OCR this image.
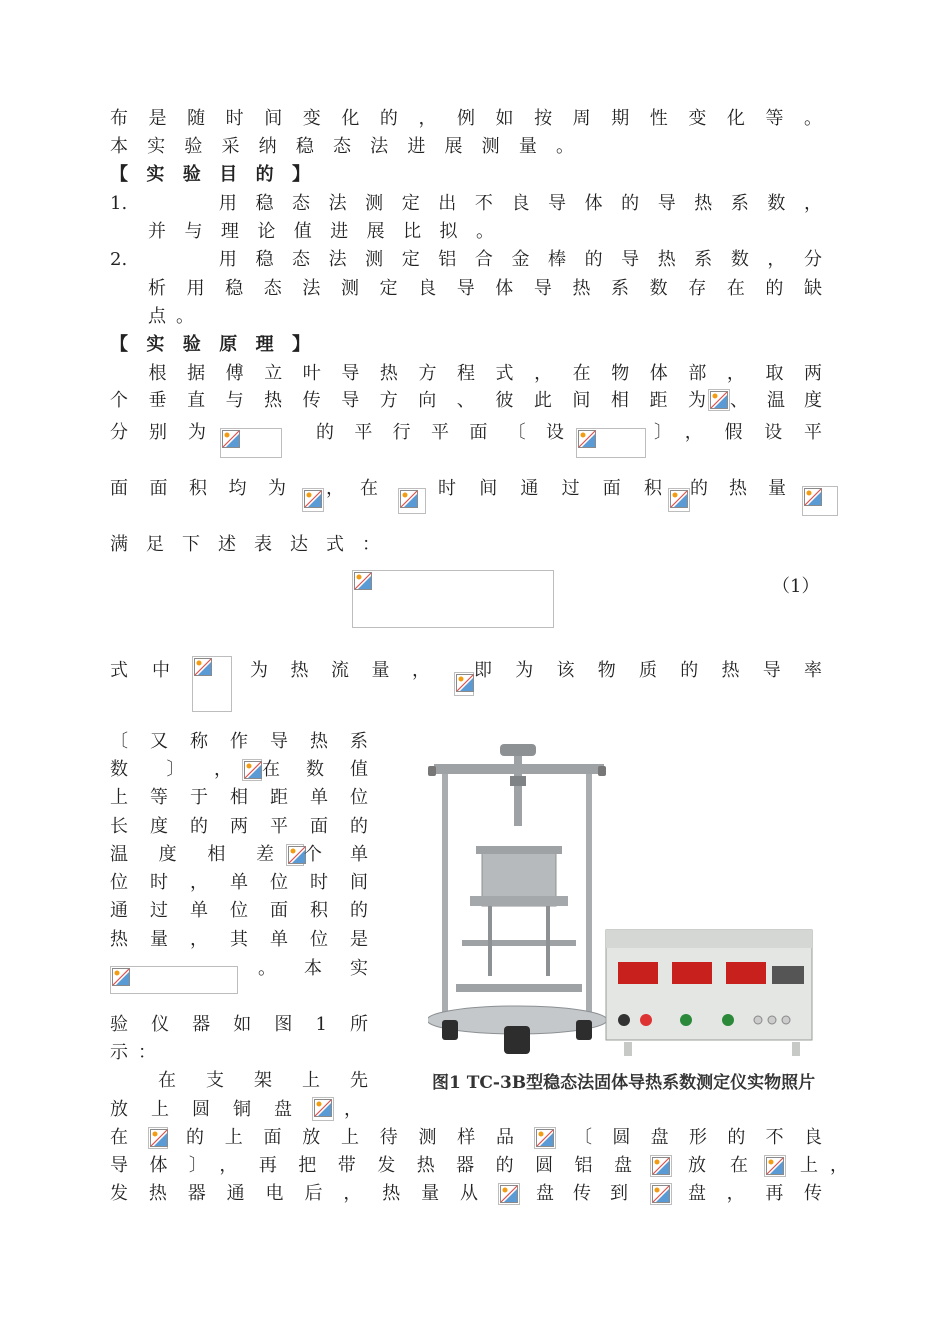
布是随时间变化的，例如按周期性变化等。
本实验采纳稳态法进展测量。
【实验目的】
1.　　用稳态法测定出不良导体的导热系数，
并与理论值进展比拟。
2.　　用稳态法测定铝合金棒的导热系数，分
析用稳态法测定良导体导热系数存在的缺
点。
【实验原理】
　根据傅立叶导热方程式，在物体部，取两
个垂直与热传导方向、彼此间相距为 、温度
分别为	的平行平面〔设	〕，假设平
面面积均为 ，在	时间通过面积 的热量
满足下述表达式：
（1）
式中	为热流量， 即为该物质的热导率
〔又称作导热系
数〕， 在数值
上等于相距单位
长度的两平面的
温度相差 个单
位时，单位时间
通过单位面积的
热量，其单位是
。本实
验仪器如图1所
示：
　在支架上先
放上圆铜盘	，
图1 TC-3B型稳态法固体导热系数测定仪实物照片
在	的上面放上待测样品	〔圆盘形的不良
导体〕，再把带发热器的圆铝盘	放在	上，
发热器通电后，热量从	盘传到	盘，再传
